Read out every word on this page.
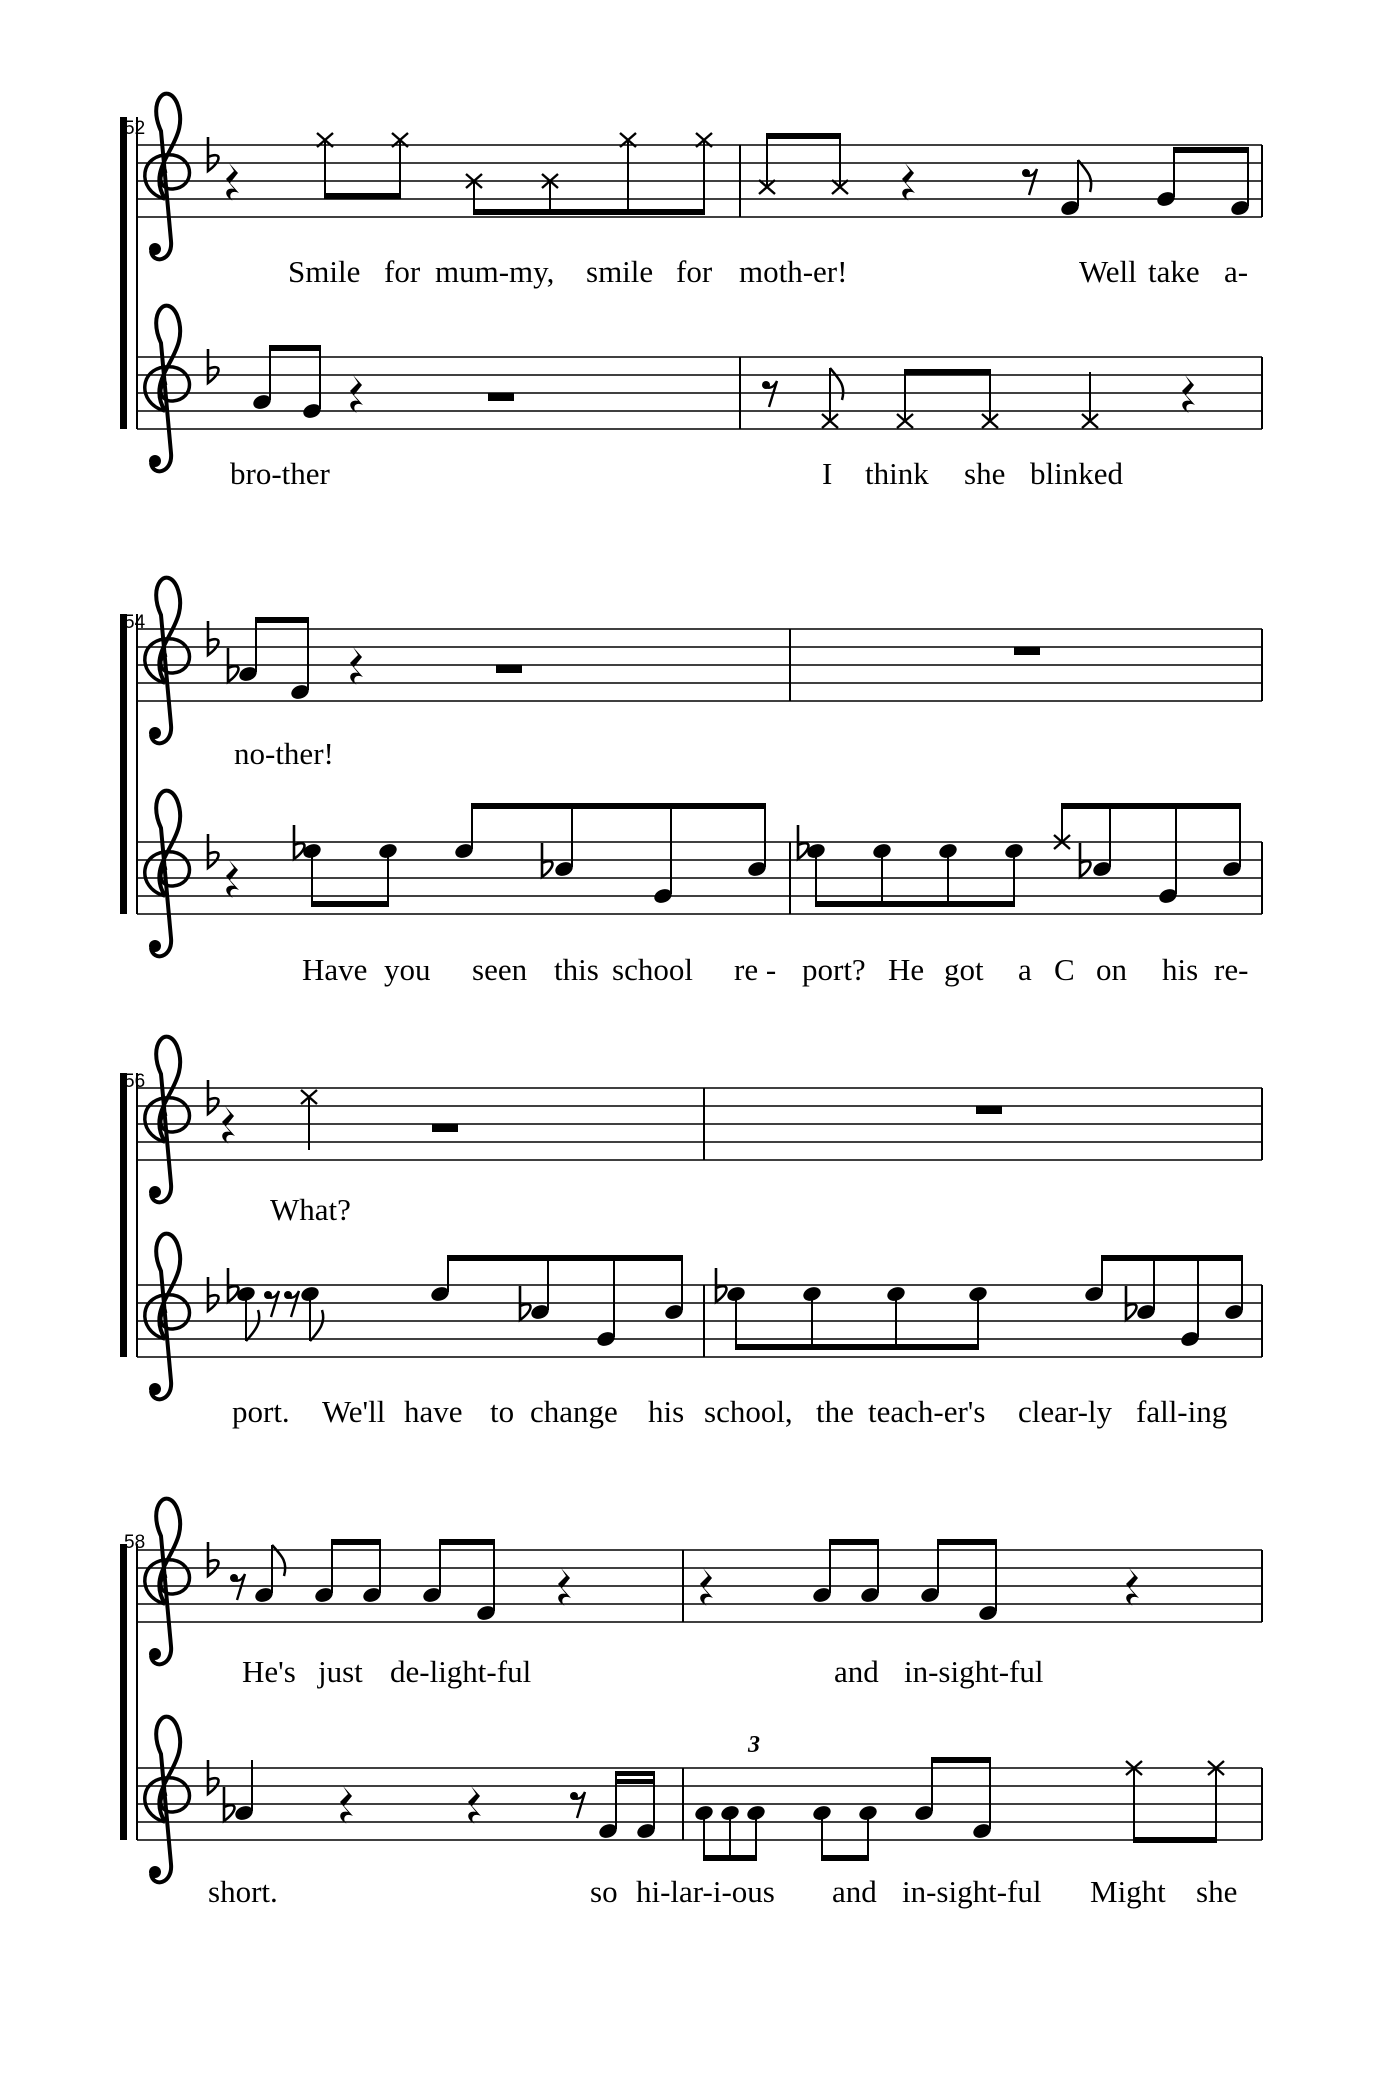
3
52
54
56
58
Smile for mum-my, smile for moth-er!	Well take a-
bro-ther	I think she blinked
no-ther!
Have you seen this school re - port? He got a C on his re-
What?
port. We'll have to change his school, the teach-er's clear-ly fall-ing
He's just de-light-ful	and in-sight-ful
short.	so hi-lar-i-ous and in-sight-ful Might she
